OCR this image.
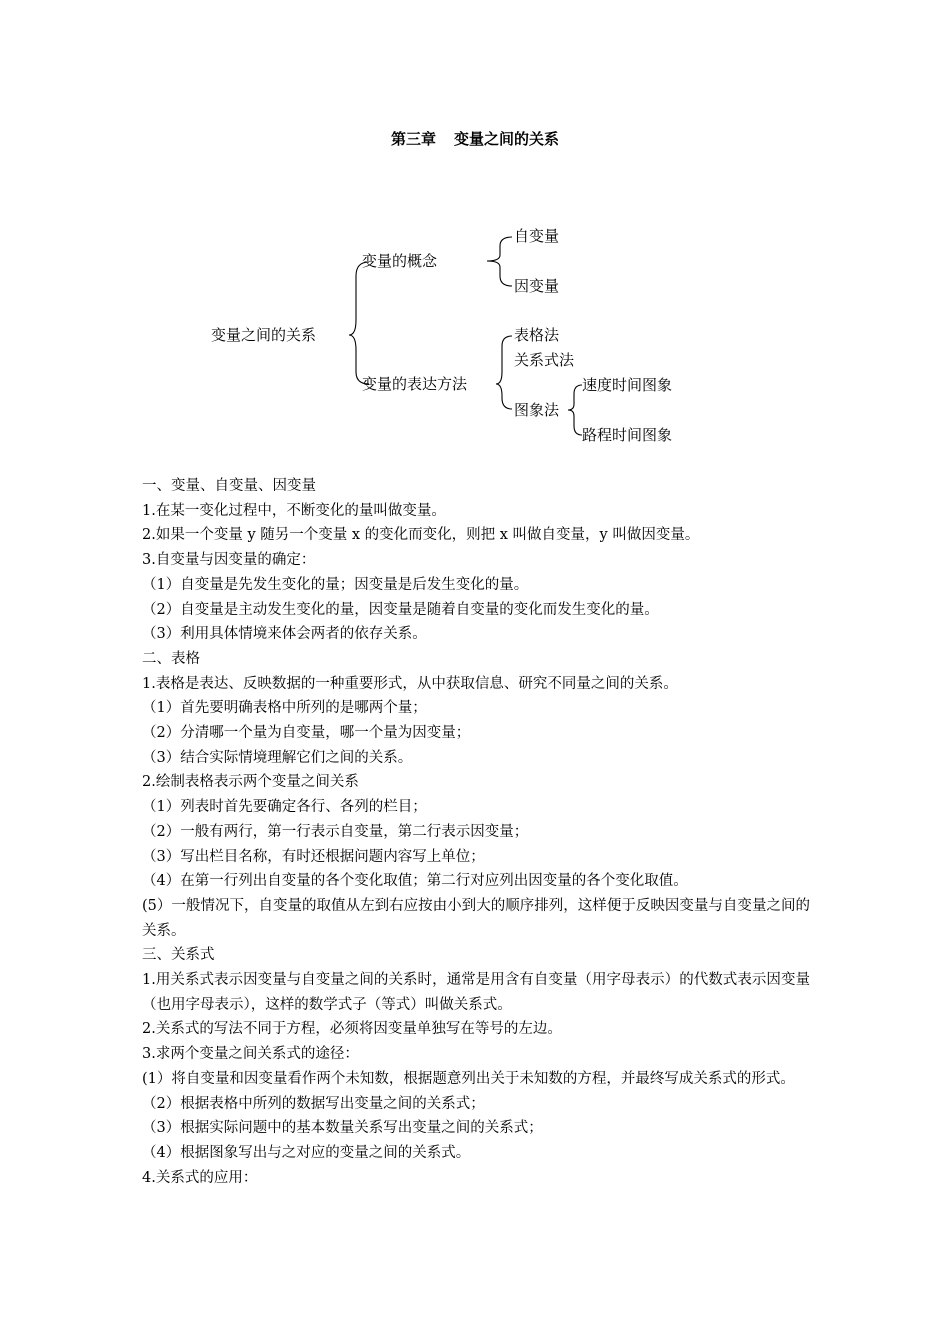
第三章 变量之间的关系
变量之间的关系
变量的概念
自变量
因变量
变量的表达方法
表格法
关系式法
图象法
速度时间图象
路程时间图象

一、变量、自变量、因变量

1.在某一变化过程中，不断变化的量叫做变量。

2.如果一个变量 y 随另一个变量 x 的变化而变化，则把 x 叫做自变量，y 叫做因变量。

3.自变量与因变量的确定：

（1）自变量是先发生变化的量；因变量是后发生变化的量。

（2）自变量是主动发生变化的量，因变量是随着自变量的变化而发生变化的量。

（3）利用具体情境来体会两者的依存关系。

二、表格

1.表格是表达、反映数据的一种重要形式，从中获取信息、研究不同量之间的关系。

（1）首先要明确表格中所列的是哪两个量；

（2）分清哪一个量为自变量，哪一个量为因变量；

（3）结合实际情境理解它们之间的关系。

2.绘制表格表示两个变量之间关系

（1）列表时首先要确定各行、各列的栏目；

（2）一般有两行，第一行表示自变量，第二行表示因变量；

（3）写出栏目名称，有时还根据问题内容写上单位；

（4）在第一行列出自变量的各个变化取值；第二行对应列出因变量的各个变化取值。

(5）一般情况下，自变量的取值从左到右应按由小到大的顺序排列，这样便于反映因变量与自变量之间的关系。

三、关系式

1.用关系式表示因变量与自变量之间的关系时，通常是用含有自变量（用字母表示）的代数式表示因变量（也用字母表示），这样的数学式子（等式）叫做关系式。

2.关系式的写法不同于方程，必须将因变量单独写在等号的左边。

3.求两个变量之间关系式的途径：

(1）将自变量和因变量看作两个未知数，根据题意列出关于未知数的方程，并最终写成关系式的形式。

（2）根据表格中所列的数据写出变量之间的关系式；

（3）根据实际问题中的基本数量关系写出变量之间的关系式；

（4）根据图象写出与之对应的变量之间的关系式。

4.关系式的应用：
